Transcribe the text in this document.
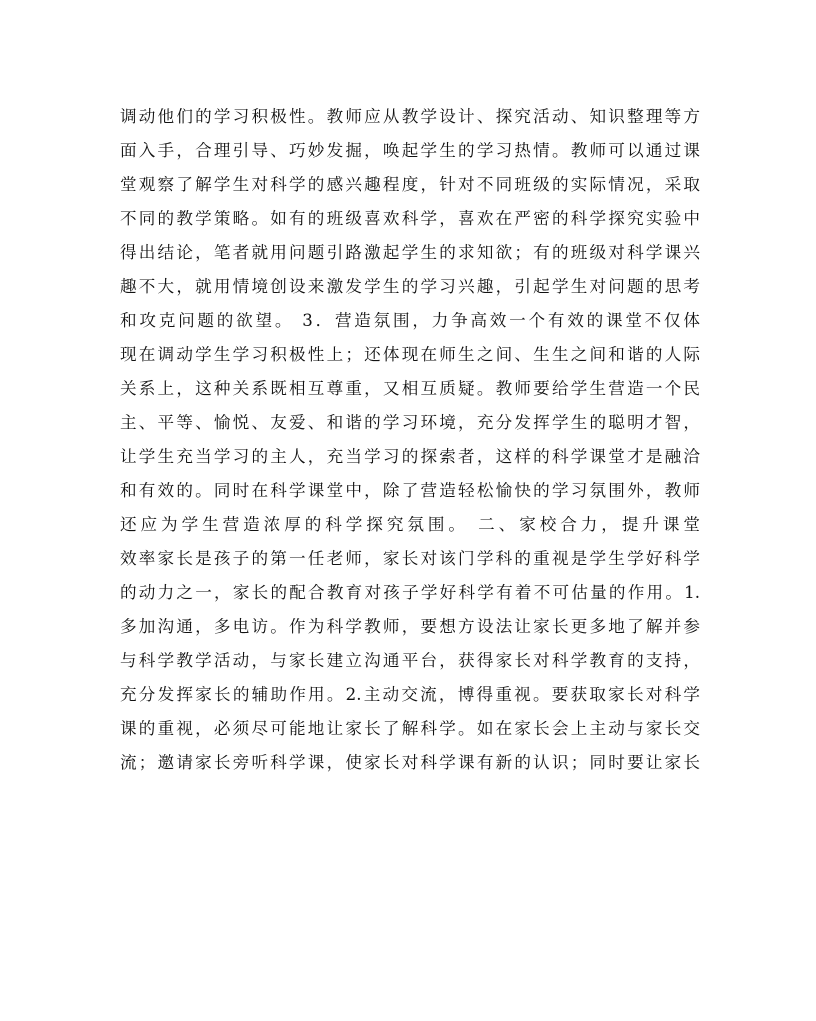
调动他们的学习积极性。教师应从教学设计、探究活动、知识整理等方
面入手，合理引导、巧妙发掘，唤起学生的学习热情。教师可以通过课
堂观察了解学生对科学的感兴趣程度，针对不同班级的实际情况，采取
不同的教学策略。如有的班级喜欢科学，喜欢在严密的科学探究实验中
得出结论，笔者就用问题引路激起学生的求知欲；有的班级对科学课兴
趣不大，就用情境创设来激发学生的学习兴趣，引起学生对问题的思考
和攻克问题的欲望。 3．营造氛围，力争高效一个有效的课堂不仅体
现在调动学生学习积极性上；还体现在师生之间、生生之间和谐的人际
关系上，这种关系既相互尊重，又相互质疑。教师要给学生营造一个民
主、平等、愉悦、友爱、和谐的学习环境，充分发挥学生的聪明才智，
让学生充当学习的主人，充当学习的探索者，这样的科学课堂才是融洽
和有效的。同时在科学课堂中，除了营造轻松愉快的学习氛围外，教师
还应为学生营造浓厚的科学探究氛围。 二、家校合力，提升课堂
效率家长是孩子的第一任老师，家长对该门学科的重视是学生学好科学
的动力之一，家长的配合教育对孩子学好科学有着不可估量的作用。1.
多加沟通，多电访。作为科学教师，要想方设法让家长更多地了解并参
与科学教学活动，与家长建立沟通平台，获得家长对科学教育的支持，
充分发挥家长的辅助作用。2.主动交流，博得重视。要获取家长对科学
课的重视，必须尽可能地让家长了解科学。如在家长会上主动与家长交
流；邀请家长旁听科学课，使家长对科学课有新的认识；同时要让家长
